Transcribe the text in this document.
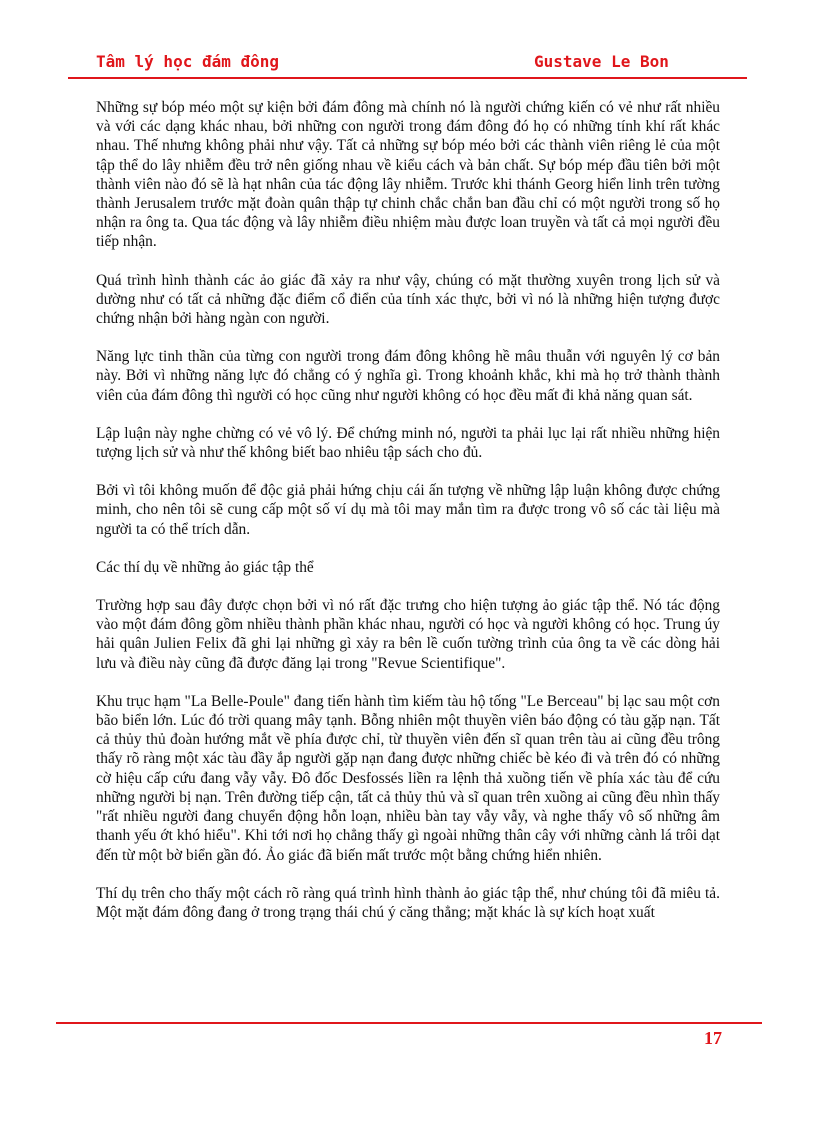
Tâm lý học đám đông	Gustave Le Bon

Những sự bóp méo một sự kiện bởi đám đông mà chính nó là người chứng kiến có vẻ như rất nhiều và với các dạng khác nhau, bởi những con người trong đám đông đó họ có những tính khí rất khác nhau. Thế nhưng không phải như vậy. Tất cả những sự bóp méo bởi các thành viên riêng lẻ của một tập thể do lây nhiễm đều trở nên giống nhau về kiểu cách và bản chất. Sự bóp mép đầu tiên bởi một thành viên nào đó sẽ là hạt nhân của tác động lây nhiễm. Trước khi thánh Georg hiển linh trên tường thành Jerusalem trước mặt đoàn quân thập tự chinh chắc chắn ban đầu chỉ có một người trong số họ nhận ra ông ta. Qua tác động và lây nhiễm điều nhiệm màu được loan truyền và tất cả mọi người đều tiếp nhận.

Quá trình hình thành các ảo giác đã xảy ra như vậy, chúng có mặt thường xuyên trong lịch sử và dường như có tất cả những đặc điểm cổ điển của tính xác thực, bởi vì nó là những hiện tượng được chứng nhận bởi hàng ngàn con người.

Năng lực tinh thần của từng con người trong đám đông không hề mâu thuẫn với nguyên lý cơ bản này. Bởi vì những năng lực đó chẳng có ý nghĩa gì. Trong khoảnh khắc, khi mà họ trở thành thành viên của đám đông thì người có học cũng như người không có học đều mất đi khả năng quan sát.

Lập luận này nghe chừng có vẻ vô lý. Để chứng minh nó, người ta phải lục lại rất nhiều những hiện tượng lịch sử và như thế không biết bao nhiêu tập sách cho đủ.

Bởi vì tôi không muốn để độc giả phải hứng chịu cái ấn tượng về những lập luận không được chứng minh, cho nên tôi sẽ cung cấp một số ví dụ mà tôi may mắn tìm ra được trong vô số các tài liệu mà người ta có thể trích dẫn.

Các thí dụ về những ảo giác tập thể

Trường hợp sau đây được chọn bởi vì nó rất đặc trưng cho hiện tượng ảo giác tập thể. Nó tác động vào một đám đông gồm nhiều thành phần khác nhau, người có học và người không có học. Trung úy hải quân Julien Felix đã ghi lại những gì xảy ra bên lề cuốn tường trình của ông ta về các dòng hải lưu và điều này cũng đã được đăng lại trong "Revue Scientifique".

Khu trục hạm "La Belle-Poule" đang tiến hành tìm kiếm tàu hộ tống "Le Berceau" bị lạc sau một cơn bão biển lớn. Lúc đó trời quang mây tạnh. Bỗng nhiên một thuyền viên báo động có tàu gặp nạn. Tất cả thủy thủ đoàn hướng mắt về phía được chỉ, từ thuyền viên đến sĩ quan trên tàu ai cũng đều trông thấy rõ ràng một xác tàu đầy ắp người gặp nạn đang được những chiếc bè kéo đi và trên đó có những cờ hiệu cấp cứu đang vẫy vẫy. Đô đốc Desfossés liền ra lệnh thả xuồng tiến về phía xác tàu để cứu những người bị nạn. Trên đường tiếp cận, tất cả thủy thủ và sĩ quan trên xuồng ai cũng đều nhìn thấy "rất nhiều người đang chuyển động hỗn loạn, nhiều bàn tay vẫy vẫy, và nghe thấy vô số những âm thanh yếu ớt khó hiểu". Khi tới nơi họ chẳng thấy gì ngoài những thân cây với những cành lá trôi dạt đến từ một bờ biển gần đó. Ảo giác đã biến mất trước một bằng chứng hiển nhiên.

Thí dụ trên cho thấy một cách rõ ràng quá trình hình thành ảo giác tập thể, như chúng tôi đã miêu tả. Một mặt đám đông đang ở trong trạng thái chú ý căng thẳng; mặt khác là sự kích hoạt xuất

17
